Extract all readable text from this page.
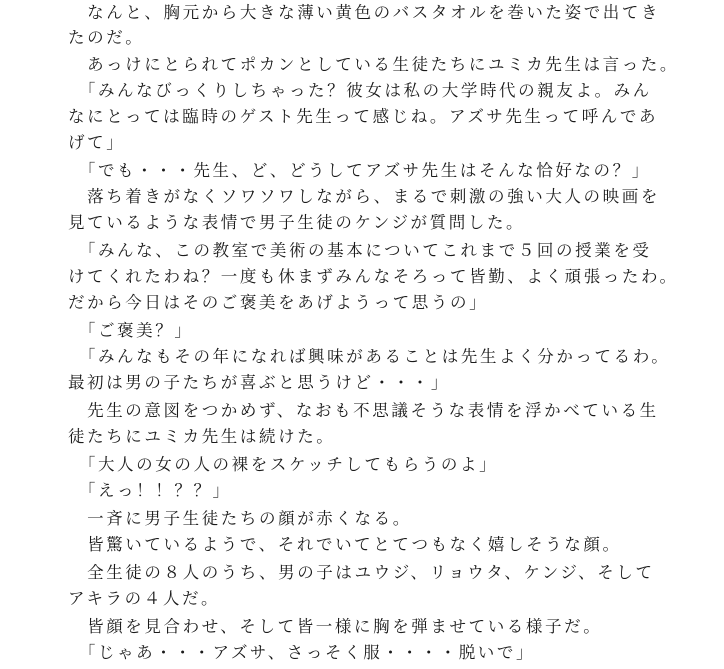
　なんと、胸元から大きな薄い黄色のバスタオルを巻いた姿で出てき
たのだ。
　あっけにとられてポカンとしている生徒たちにユミカ先生は言った。
　「みんなびっくりしちゃった？彼女は私の大学時代の親友よ。みん
なにとっては臨時のゲスト先生って感じね。アズサ先生って呼んであ
げて」
　「でも・・・先生、ど、どうしてアズサ先生はそんな恰好なの？」
　落ち着きがなくソワソワしながら、まるで刺激の強い大人の映画を
見ているような表情で男子生徒のケンジが質問した。
　「みんな、この教室で美術の基本についてこれまで５回の授業を受
けてくれたわね？一度も休まずみんなそろって皆勤、よく頑張ったわ。
だから今日はそのご褒美をあげようって思うの」
　「ご褒美？」
　「みんなもその年になれば興味があることは先生よく分かってるわ。
最初は男の子たちが喜ぶと思うけど・・・」
　先生の意図をつかめず、なおも不思議そうな表情を浮かべている生
徒たちにユミカ先生は続けた。
　「大人の女の人の裸をスケッチしてもらうのよ」
　「えっ！！？？」
　一斉に男子生徒たちの顔が赤くなる。
　皆驚いているようで、それでいてとてつもなく嬉しそうな顔。
　全生徒の８人のうち、男の子はユウジ、リョウタ、ケンジ、そして
アキラの４人だ。
　皆顔を見合わせ、そして皆一様に胸を弾ませている様子だ。
　「じゃあ・・・アズサ、さっそく服・・・・脱いで」
